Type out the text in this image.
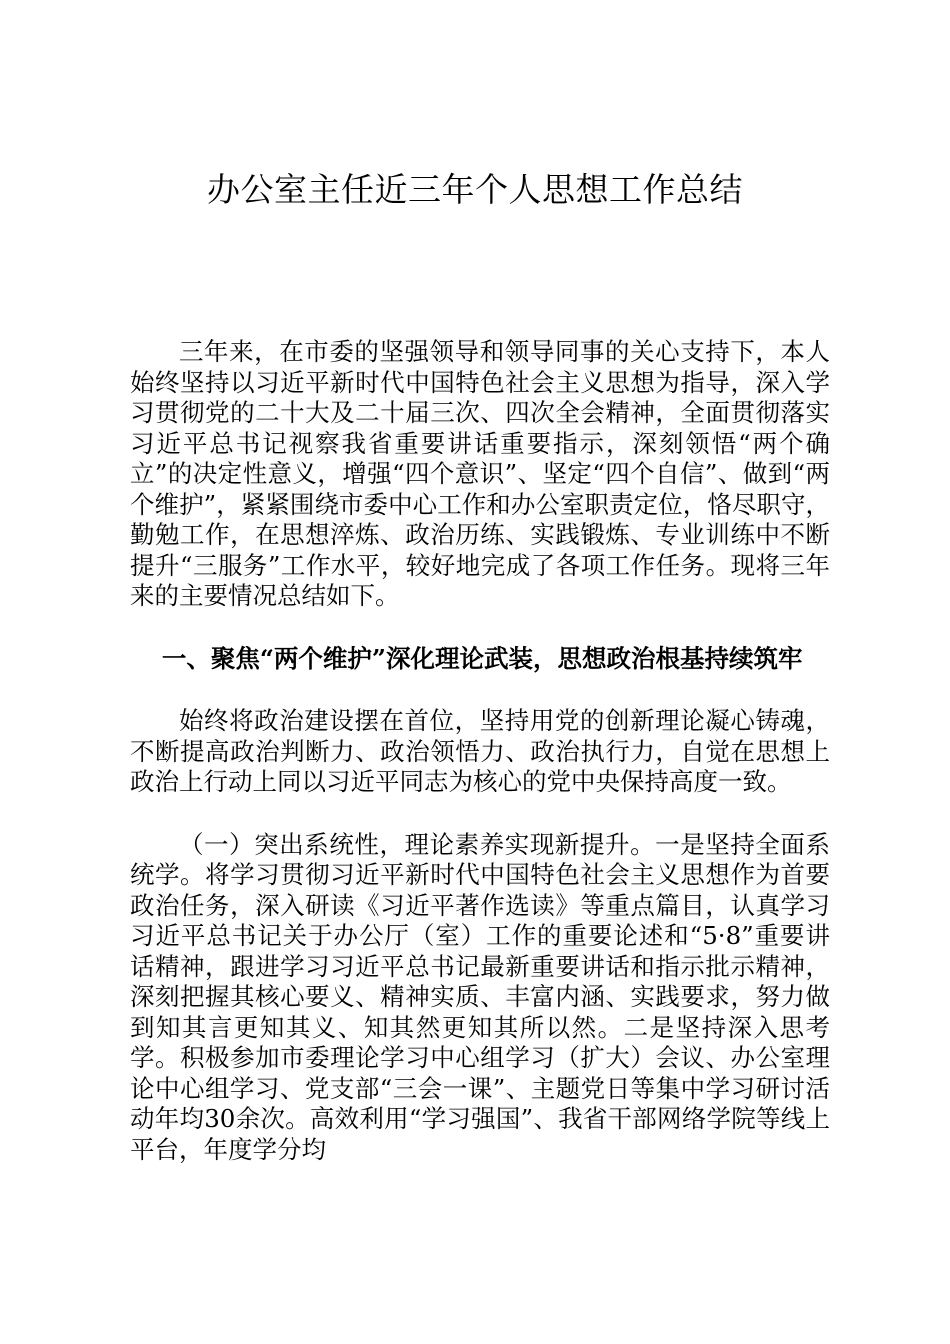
办公室主任近三年个人思想工作总结

三年来，在市委的坚强领导和领导同事的关心支持下，本人始终坚持以习近平新时代中国特色社会主义思想为指导，深入学习贯彻党的二十大及二十届三次、四次全会精神，全面贯彻落实习近平总书记视察我省重要讲话重要指示，深刻领悟“两个确立”的决定性意义，增强“四个意识”、坚定“四个自信”、做到“两个维护”，紧紧围绕市委中心工作和办公室职责定位，恪尽职守，勤勉工作，在思想淬炼、政治历练、实践锻炼、专业训练中不断提升“三服务”工作水平，较好地完成了各项工作任务。现将三年来的主要情况总结如下。

一、聚焦“两个维护”深化理论武装，思想政治根基持续筑牢

始终将政治建设摆在首位，坚持用党的创新理论凝心铸魂，不断提高政治判断力、政治领悟力、政治执行力，自觉在思想上政治上行动上同以习近平同志为核心的党中央保持高度一致。

（一）突出系统性，理论素养实现新提升。一是坚持全面系统学。将学习贯彻习近平新时代中国特色社会主义思想作为首要政治任务，深入研读《习近平著作选读》等重点篇目，认真学习习近平总书记关于办公厅（室）工作的重要论述和“5·8”重要讲话精神，跟进学习习近平总书记最新重要讲话和指示批示精神，深刻把握其核心要义、精神实质、丰富内涵、实践要求，努力做到知其言更知其义、知其然更知其所以然。二是坚持深入思考学。积极参加市委理论学习中心组学习（扩大）会议、办公室理论中心组学习、党支部“三会一课”、主题党日等集中学习研讨活动年均30余次。高效利用“学习强国”、我省干部网络学院等线上平台，年度学分均
